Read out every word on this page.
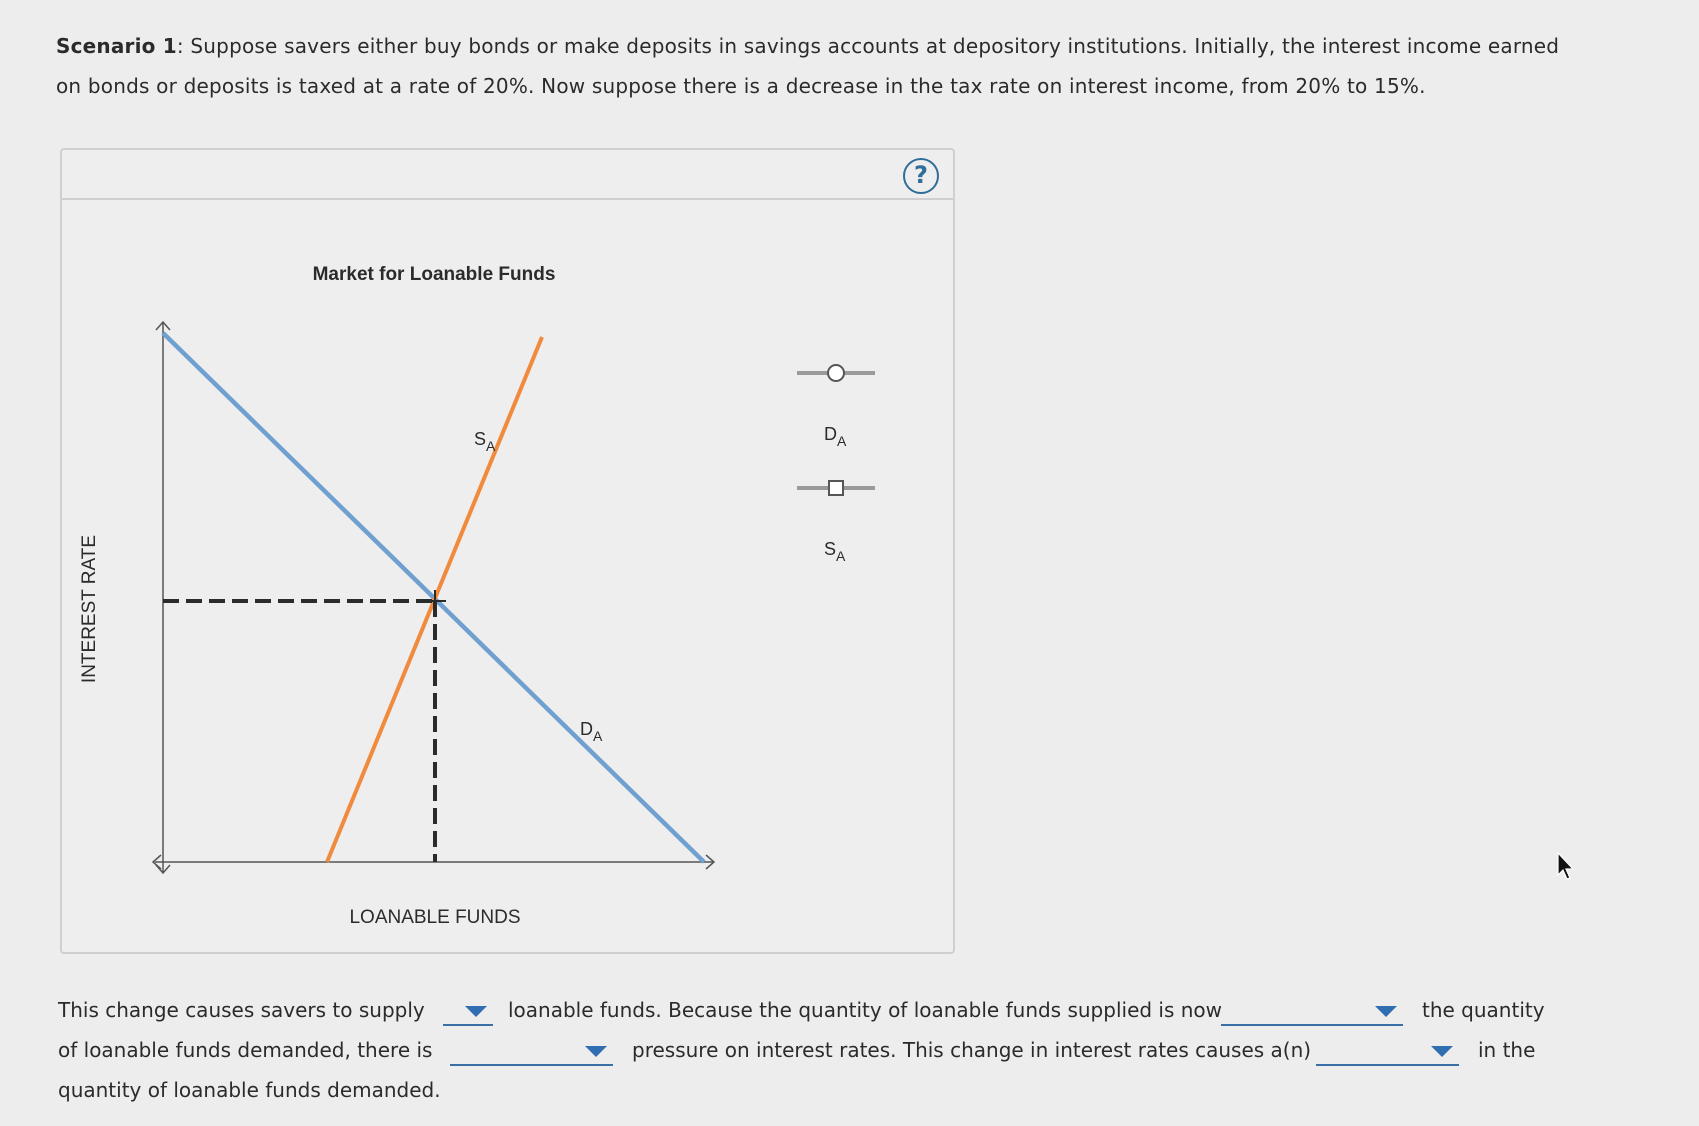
Scenario 1: Suppose savers either buy bonds or make deposits in savings accounts at depository institutions. Initially, the interest income earned on bonds or deposits is taxed at a rate of 20%. Now suppose there is a decrease in the tax rate on interest income, from 20% to 15%.
?
Market for Loanable Funds
INTEREST RATE
LOANABLE FUNDS
$S_A$
$D_A$
$D_A$
$S_A$
This change causes savers to supply	loanable funds. Because the quantity of loanable funds supplied is now	the quantity
of loanable funds demanded, there is	pressure on interest rates. This change in interest rates causes a(n)	in the
quantity of loanable funds demanded.
